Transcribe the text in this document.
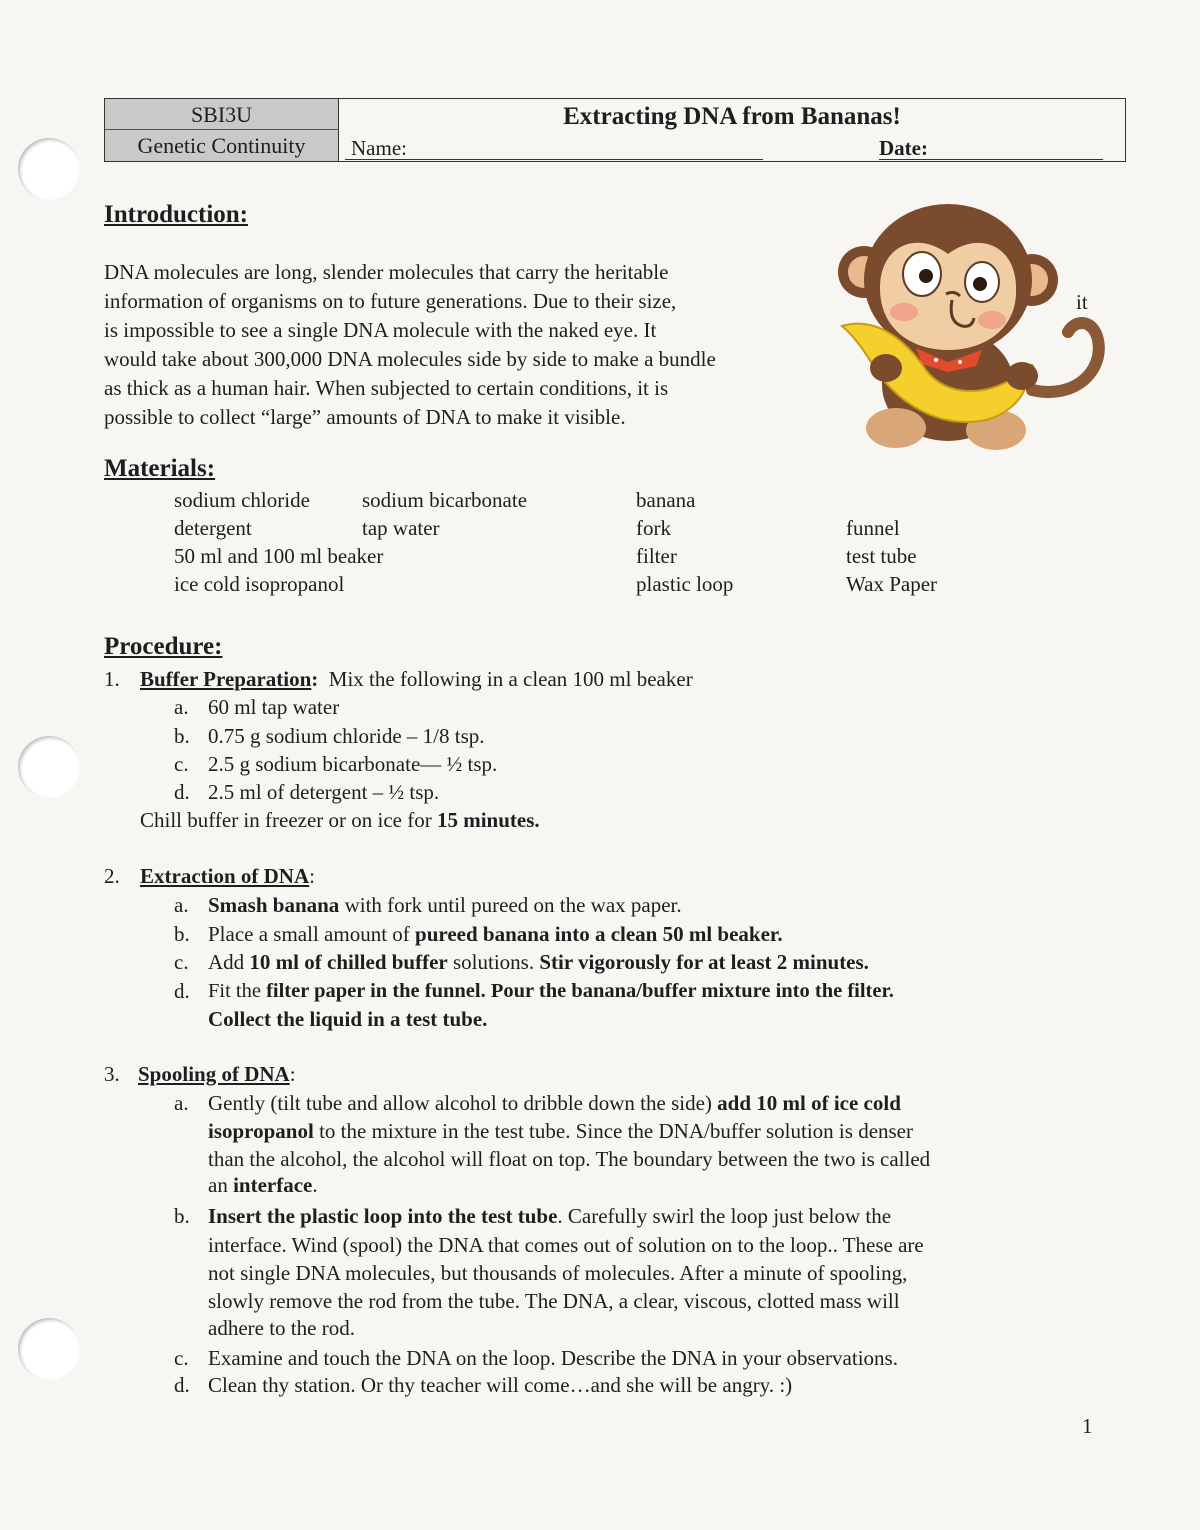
SBI3U
Genetic Continuity
Extracting DNA from Bananas!
Name:	Date:
Introduction:
DNA molecules are long, slender molecules that carry the heritable
information of organisms on to future generations. Due to their size,
is impossible to see a single DNA molecule with the naked eye. It
would take about 300,000 DNA molecules side by side to make a bundle
as thick as a human hair. When subjected to certain conditions, it is
possible to collect “large” amounts of DNA to make it visible.
it
Materials:
sodium chloride
detergent
50 ml and 100 ml beaker
ice cold isopropanol
sodium bicarbonate
tap water
banana
fork
filter
plastic loop
funnel
test tube
Wax Paper
Procedure:
1. Buffer Preparation: Mix the following in a clean 100 ml beaker
a. 60 ml tap water
b. 0.75 g sodium chloride – 1/8 tsp.
c. 2.5 g sodium bicarbonate— ½ tsp.
d. 2.5 ml of detergent – ½ tsp.
Chill buffer in freezer or on ice for 15 minutes.
2. Extraction of DNA:
a. Smash banana with fork until pureed on the wax paper.
b. Place a small amount of pureed banana into a clean 50 ml beaker.
c. Add 10 ml of chilled buffer solutions. Stir vigorously for at least 2 minutes.
d. Fit the filter paper in the funnel. Pour the banana/buffer mixture into the filter.
Collect the liquid in a test tube.
3. Spooling of DNA:
a. Gently (tilt tube and allow alcohol to dribble down the side) add 10 ml of ice cold
isopropanol to the mixture in the test tube. Since the DNA/buffer solution is denser
than the alcohol, the alcohol will float on top. The boundary between the two is called
an interface.
b. Insert the plastic loop into the test tube. Carefully swirl the loop just below the
interface. Wind (spool) the DNA that comes out of solution on to the loop.. These are
not single DNA molecules, but thousands of molecules. After a minute of spooling,
slowly remove the rod from the tube. The DNA, a clear, viscous, clotted mass will
adhere to the rod.
c. Examine and touch the DNA on the loop. Describe the DNA in your observations.
d. Clean thy station. Or thy teacher will come…and she will be angry. :)
1
